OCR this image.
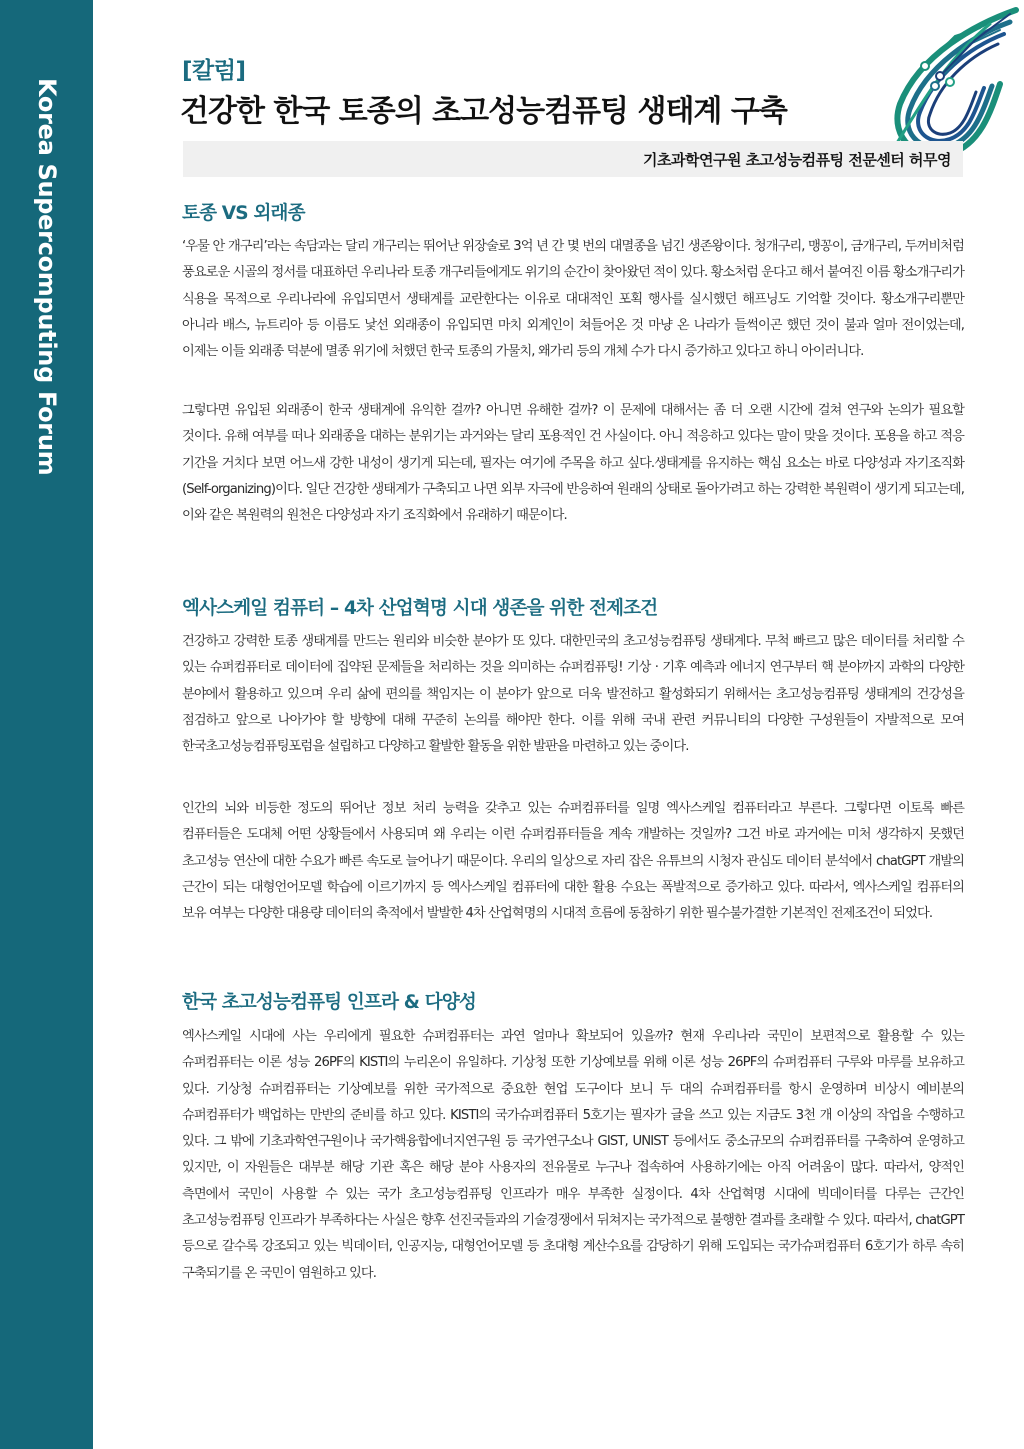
Korea Supercomputing Forum
[칼럼]
건강한 한국 토종의 초고성능컴퓨팅 생태계 구축
기초과학연구원 초고성능컴퓨팅 전문센터 허무영
토종 VS 외래종
‘우물 안 개구리’라는 속담과는 달리 개구리는 뛰어난 위장술로 3억 년 간 몇 번의 대멸종을 넘긴 생존왕이다. 청개구리, 맹꽁이, 금개구리, 두꺼비처럼 풍요로운 시골의 정서를 대표하던 우리나라 토종 개구리들에게도 위기의 순간이 찾아왔던 적이 있다. 황소처럼 운다고 해서 붙여진 이름 황소개구리가 식용을 목적으로 우리나라에 유입되면서 생태계를 교란한다는 이유로 대대적인 포획 행사를 실시했던 해프닝도 기억할 것이다. 황소개구리뿐만 아니라 배스, 뉴트리아 등 이름도 낯선 외래종이 유입되면 마치 외계인이 쳐들어온 것 마냥 온 나라가 들썩이곤 했던 것이 불과 얼마 전이었는데, 이제는 이들 외래종 덕분에 멸종 위기에 처했던 한국 토종의 가물치, 왜가리 등의 개체 수가 다시 증가하고 있다고 하니 아이러니다.
그렇다면 유입된 외래종이 한국 생태계에 유익한 걸까? 아니면 유해한 걸까? 이 문제에 대해서는 좀 더 오랜 시간에 걸쳐 연구와 논의가 필요할 것이다. 유해 여부를 떠나 외래종을 대하는 분위기는 과거와는 달리 포용적인 건 사실이다. 아니 적응하고 있다는 말이 맞을 것이다. 포용을 하고 적응 기간을 거치다 보면 어느새 강한 내성이 생기게 되는데, 필자는 여기에 주목을 하고 싶다.생태계를 유지하는 핵심 요소는 바로 다양성과 자기조직화(Self-organizing)이다. 일단 건강한 생태계가 구축되고 나면 외부 자극에 반응하여 원래의 상태로 돌아가려고 하는 강력한 복원력이 생기게 되고는데, 이와 같은 복원력의 원천은 다양성과 자기 조직화에서 유래하기 때문이다.
엑사스케일 컴퓨터 – 4차 산업혁명 시대 생존을 위한 전제조건
건강하고 강력한 토종 생태계를 만드는 원리와 비슷한 분야가 또 있다. 대한민국의 초고성능컴퓨팅 생태계다. 무척 빠르고 많은 데이터를 처리할 수 있는 슈퍼컴퓨터로 데이터에 집약된 문제들을 처리하는 것을 의미하는 슈퍼컴퓨팅! 기상 · 기후 예측과 에너지 연구부터 핵 분야까지 과학의 다양한 분야에서 활용하고 있으며 우리 삶에 편의를 책임지는 이 분야가 앞으로 더욱 발전하고 활성화되기 위해서는 초고성능컴퓨팅 생태계의 건강성을 점검하고 앞으로 나아가야 할 방향에 대해 꾸준히 논의를 해야만 한다. 이를 위해 국내 관련 커뮤니티의 다양한 구성원들이 자발적으로 모여 한국초고성능컴퓨팅포럼을 설립하고 다양하고 활발한 활동을 위한 발판을 마련하고 있는 중이다.
인간의 뇌와 비등한 정도의 뛰어난 정보 처리 능력을 갖추고 있는 슈퍼컴퓨터를 일명 엑사스케일 컴퓨터라고 부른다. 그렇다면 이토록 빠른 컴퓨터들은 도대체 어떤 상황들에서 사용되며 왜 우리는 이런 슈퍼컴퓨터들을 계속 개발하는 것일까? 그건 바로 과거에는 미처 생각하지 못했던 초고성능 연산에 대한 수요가 빠른 속도로 늘어나기 때문이다. 우리의 일상으로 자리 잡은 유튜브의 시청자 관심도 데이터 분석에서 chatGPT 개발의 근간이 되는 대형언어모델 학습에 이르기까지 등 엑사스케일 컴퓨터에 대한 활용 수요는 폭발적으로 증가하고 있다. 따라서, 엑사스케일 컴퓨터의 보유 여부는 다양한 대용량 데이터의 축적에서 발발한 4차 산업혁명의 시대적 흐름에 동참하기 위한 필수불가결한 기본적인 전제조건이 되었다.
한국 초고성능컴퓨팅 인프라 & 다양성
엑사스케일 시대에 사는 우리에게 필요한 슈퍼컴퓨터는 과연 얼마나 확보되어 있을까? 현재 우리나라 국민이 보편적으로 활용할 수 있는 슈퍼컴퓨터는 이론 성능 26PF의 KISTI의 누리온이 유일하다. 기상청 또한 기상예보를 위해 이론 성능 26PF의 슈퍼컴퓨터 구루와 마루를 보유하고 있다. 기상청 슈퍼컴퓨터는 기상예보를 위한 국가적으로 중요한 현업 도구이다 보니 두 대의 슈퍼컴퓨터를 항시 운영하며 비상시 예비분의 슈퍼컴퓨터가 백업하는 만반의 준비를 하고 있다. KISTI의 국가슈퍼컴퓨터 5호기는 필자가 글을 쓰고 있는 지금도 3천 개 이상의 작업을 수행하고 있다. 그 밖에 기초과학연구원이나 국가핵융합에너지연구원 등 국가연구소나 GIST, UNIST 등에서도 중소규모의 슈퍼컴퓨터를 구축하여 운영하고 있지만, 이 자원들은 대부분 해당 기관 혹은 해당 분야 사용자의 전유물로 누구나 접속하여 사용하기에는 아직 어려움이 많다. 따라서, 양적인 측면에서 국민이 사용할 수 있는 국가 초고성능컴퓨팅 인프라가 매우 부족한 실정이다. 4차 산업혁명 시대에 빅데이터를 다루는 근간인 초고성능컴퓨팅 인프라가 부족하다는 사실은 향후 선진국들과의 기술경쟁에서 뒤쳐지는 국가적으로 불행한 결과를 초래할 수 있다. 따라서, chatGPT 등으로 갈수록 강조되고 있는 빅데이터, 인공지능, 대형언어모델 등 초대형 계산수요를 감당하기 위해 도입되는 국가슈퍼컴퓨터 6호기가 하루 속히 구축되기를 온 국민이 염원하고 있다.
